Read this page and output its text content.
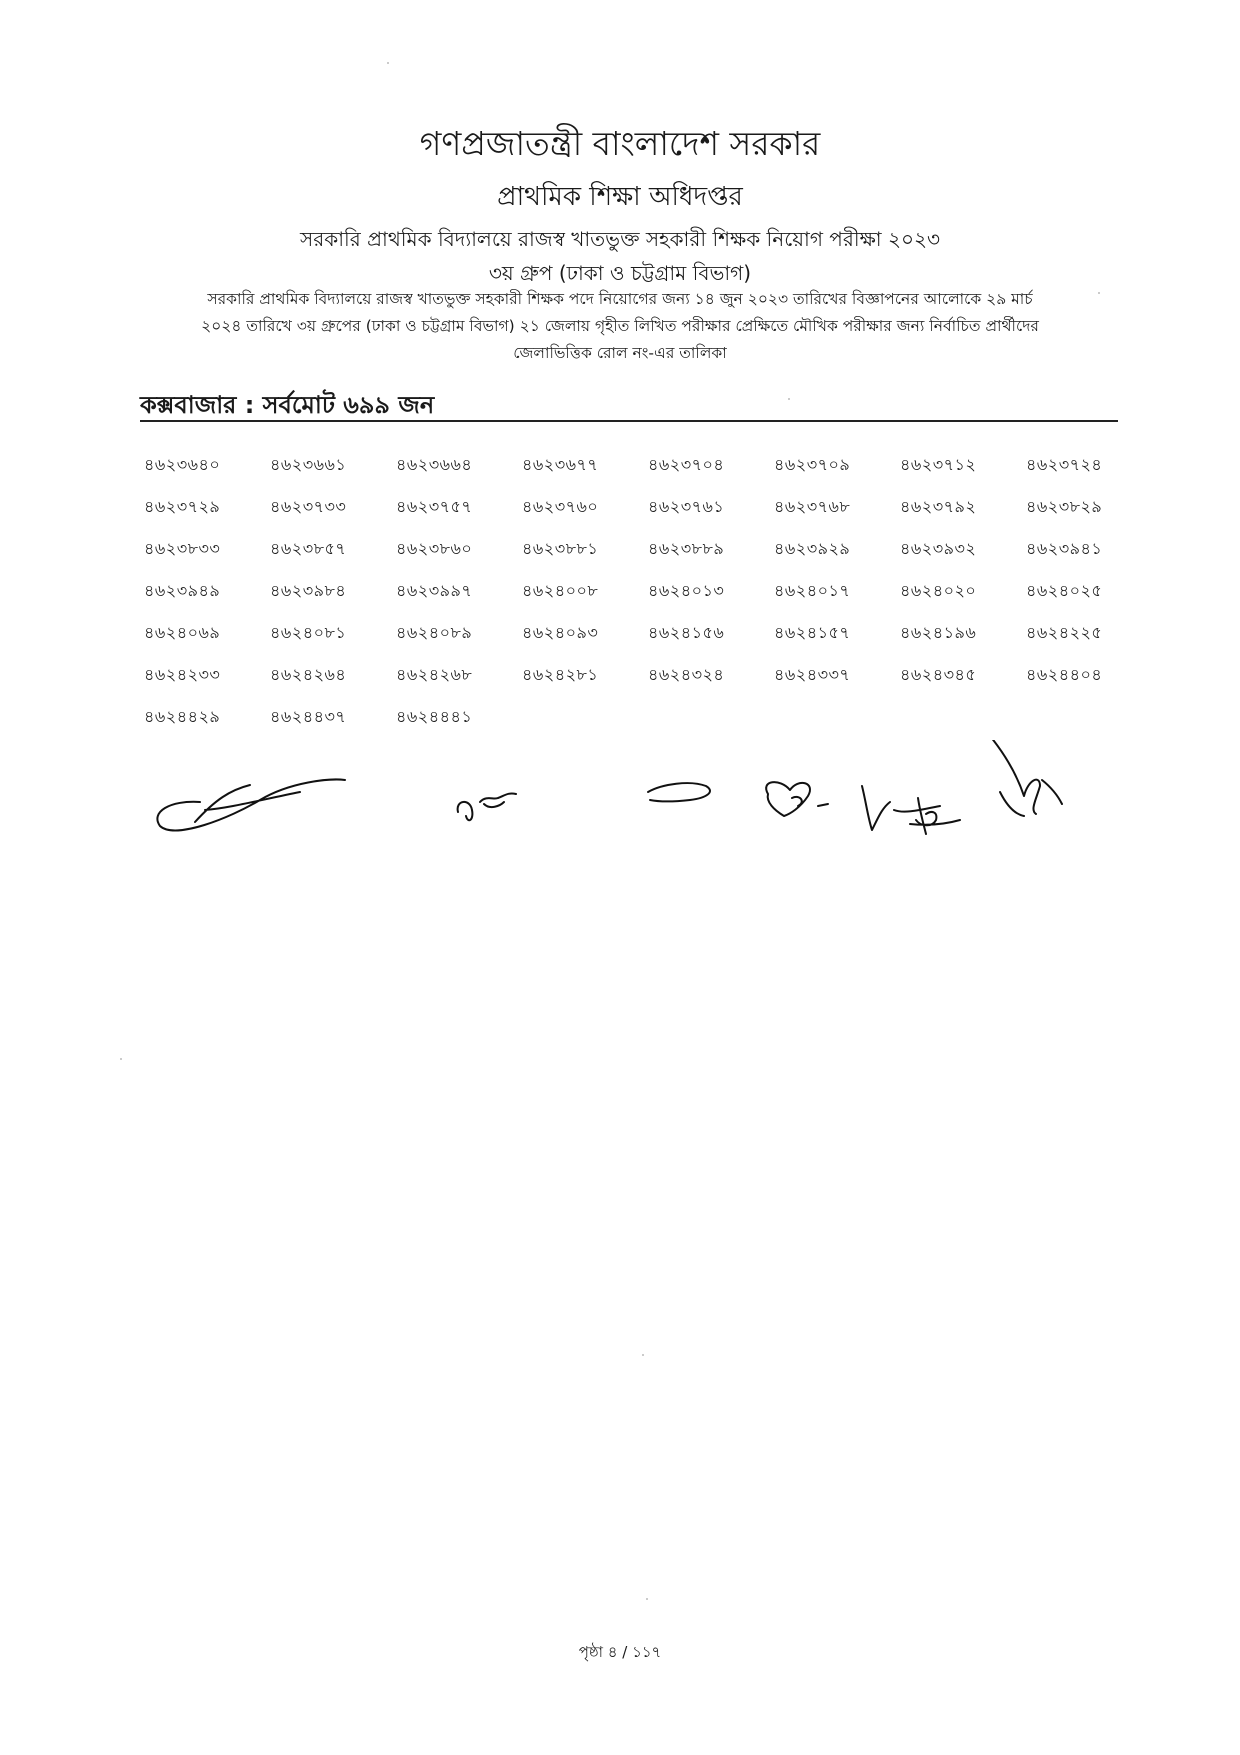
গণপ্রজাতন্ত্রী বাংলাদেশ সরকার
প্রাথমিক শিক্ষা অধিদপ্তর
সরকারি প্রাথমিক বিদ্যালয়ে রাজস্ব খাতভুক্ত সহকারী শিক্ষক নিয়োগ পরীক্ষা ২০২৩
৩য় গ্রুপ (ঢাকা ও চট্টগ্রাম বিভাগ)
সরকারি প্রাথমিক বিদ্যালয়ে রাজস্ব খাতভুক্ত সহকারী শিক্ষক পদে নিয়োগের জন্য ১৪ জুন ২০২৩ তারিখের বিজ্ঞাপনের আলোকে ২৯ মার্চ
২০২৪ তারিখে ৩য় গ্রুপের (ঢাকা ও চট্টগ্রাম বিভাগ) ২১ জেলায় গৃহীত লিখিত পরীক্ষার প্রেক্ষিতে মৌখিক পরীক্ষার জন্য নির্বাচিত প্রার্থীদের
জেলাভিত্তিক রোল নং-এর তালিকা
কক্সবাজার : সর্বমোট ৬৯৯ জন
৪৬২৩৬৪০	৪৬২৩৬৬১	৪৬২৩৬৬৪	৪৬২৩৬৭৭	৪৬২৩৭০৪	৪৬২৩৭০৯	৪৬২৩৭১২	৪৬২৩৭২৪
৪৬২৩৭২৯	৪৬২৩৭৩৩	৪৬২৩৭৫৭	৪৬২৩৭৬০	৪৬২৩৭৬১	৪৬২৩৭৬৮	৪৬২৩৭৯২	৪৬২৩৮২৯
৪৬২৩৮৩৩	৪৬২৩৮৫৭	৪৬২৩৮৬০	৪৬২৩৮৮১	৪৬২৩৮৮৯	৪৬২৩৯২৯	৪৬২৩৯৩২	৪৬২৩৯৪১
৪৬২৩৯৪৯	৪৬২৩৯৮৪	৪৬২৩৯৯৭	৪৬২৪০০৮	৪৬২৪০১৩	৪৬২৪০১৭	৪৬২৪০২০	৪৬২৪০২৫
৪৬২৪০৬৯	৪৬২৪০৮১	৪৬২৪০৮৯	৪৬২৪০৯৩	৪৬২৪১৫৬	৪৬২৪১৫৭	৪৬২৪১৯৬	৪৬২৪২২৫
৪৬২৪২৩৩	৪৬২৪২৬৪	৪৬২৪২৬৮	৪৬২৪২৮১	৪৬২৪৩২৪	৪৬২৪৩৩৭	৪৬২৪৩৪৫	৪৬২৪৪০৪
৪৬২৪৪২৯	৪৬২৪৪৩৭	৪৬২৪৪৪১
পৃষ্ঠা ৪ / ১১৭
